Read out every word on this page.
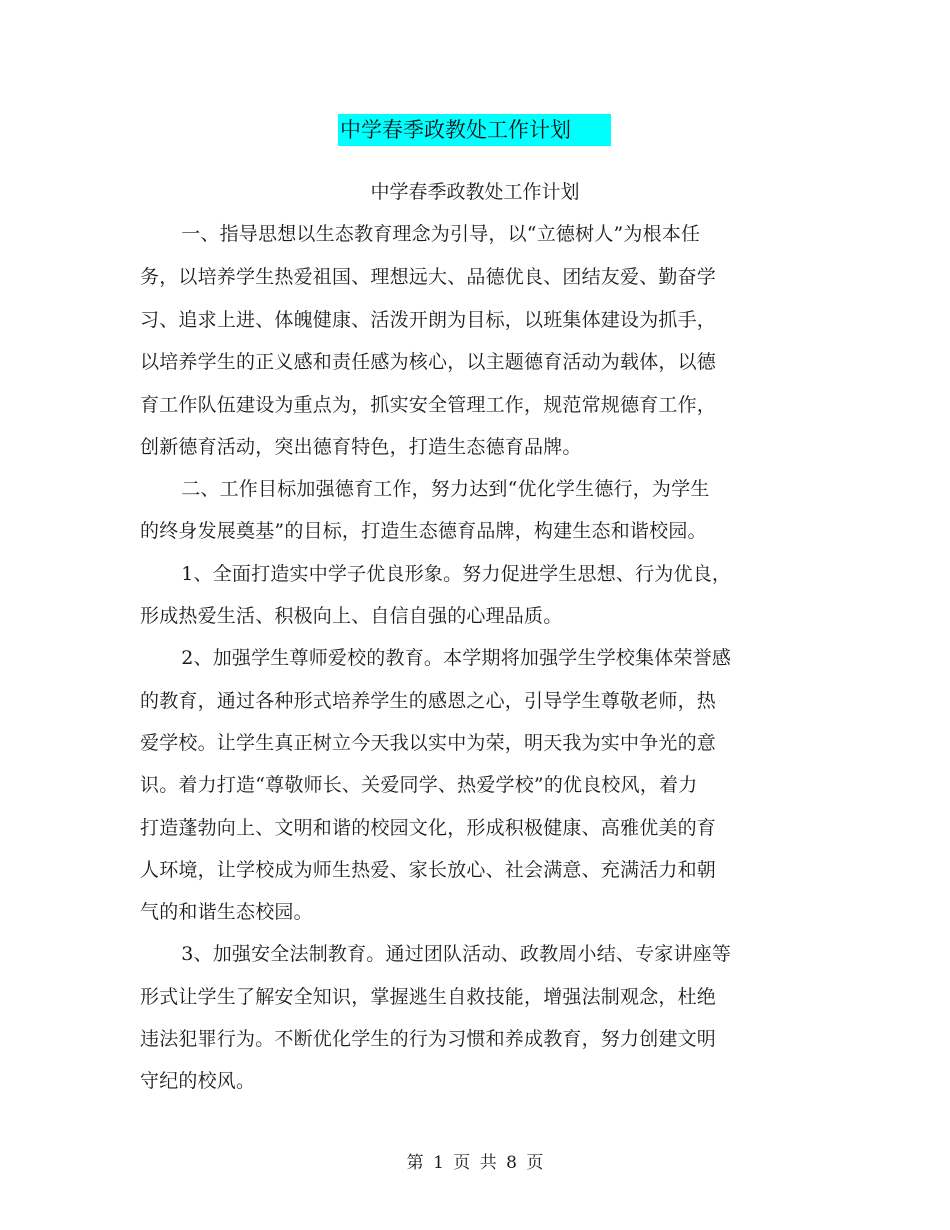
中学春季政教处工作计划
中学春季政教处工作计划
　一、指导思想以生态教育理念为引导，以“立德树人”为根本任
务，以培养学生热爱祖国、理想远大、品德优良、团结友爱、勤奋学
习、追求上进、体魄健康、活泼开朗为目标，以班集体建设为抓手，
以培养学生的正义感和责任感为核心，以主题德育活动为载体，以德
育工作队伍建设为重点为，抓实安全管理工作，规范常规德育工作，
创新德育活动，突出德育特色，打造生态德育品牌。
　二、工作目标加强德育工作，努力达到“优化学生德行，为学生
的终身发展奠基”的目标，打造生态德育品牌，构建生态和谐校园。
　1、全面打造实中学子优良形象。努力促进学生思想、行为优良，
形成热爱生活、积极向上、自信自强的心理品质。
　2、加强学生尊师爱校的教育。本学期将加强学生学校集体荣誉感
的教育，通过各种形式培养学生的感恩之心，引导学生尊敬老师，热
爱学校。让学生真正树立今天我以实中为荣，明天我为实中争光的意
识。着力打造“尊敬师长、关爱同学、热爱学校”的优良校风，着力
打造蓬勃向上、文明和谐的校园文化，形成积极健康、高雅优美的育
人环境，让学校成为师生热爱、家长放心、社会满意、充满活力和朝
气的和谐生态校园。
　3、加强安全法制教育。通过团队活动、政教周小结、专家讲座等
形式让学生了解安全知识，掌握逃生自救技能，增强法制观念，杜绝
违法犯罪行为。不断优化学生的行为习惯和养成教育，努力创建文明
守纪的校风。
第 1 页 共 8 页
